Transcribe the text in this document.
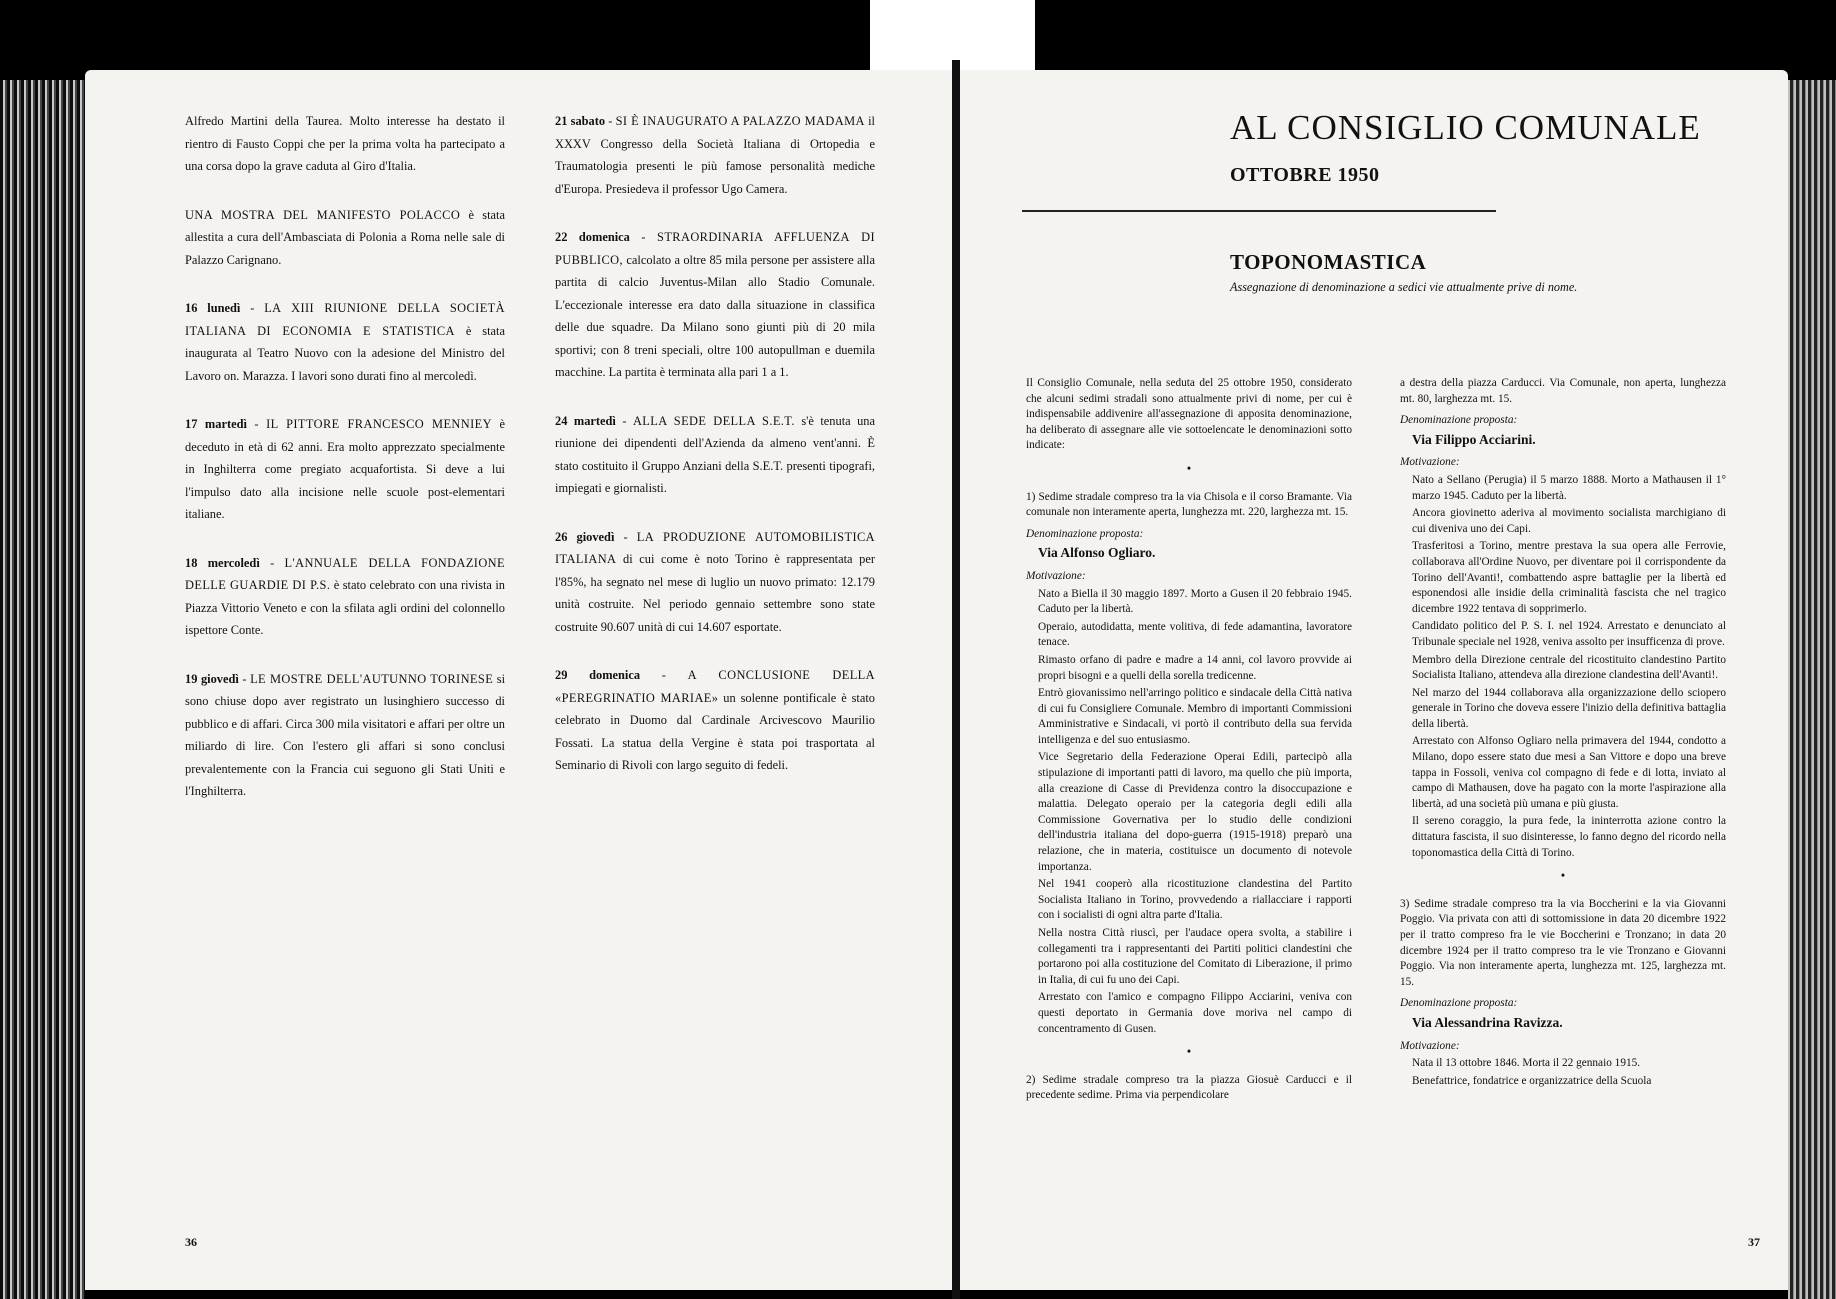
Alfredo Martini della Taurea. Molto interesse ha destato il rientro di Fausto Coppi che per la prima volta ha partecipato a una corsa dopo la grave caduta al Giro d'Italia.

UNA MOSTRA DEL MANIFESTO POLACCO è stata allestita a cura dell'Ambasciata di Polonia a Roma nelle sale di Palazzo Carignano.

16 lunedì - LA XIII RIUNIONE DELLA SOCIETÀ ITALIANA DI ECONOMIA E STATISTICA è stata inaugurata al Teatro Nuovo con la adesione del Ministro del Lavoro on. Marazza. I lavori sono durati fino al mercoledì.

17 martedì - IL PITTORE FRANCESCO MENNIEY è deceduto in età di 62 anni. Era molto apprezzato specialmente in Inghilterra come pregiato acquafortista. Si deve a lui l'impulso dato alla incisione nelle scuole post-elementari italiane.

18 mercoledì - L'ANNUALE DELLA FONDAZIONE DELLE GUARDIE DI P.S. è stato celebrato con una rivista in Piazza Vittorio Veneto e con la sfilata agli ordini del colonnello ispettore Conte.

19 giovedì - LE MOSTRE DELL'AUTUNNO TORINESE si sono chiuse dopo aver registrato un lusinghiero successo di pubblico e di affari. Circa 300 mila visitatori e affari per oltre un miliardo di lire. Con l'estero gli affari si sono conclusi prevalentemente con la Francia cui seguono gli Stati Uniti e l'Inghilterra.

21 sabato - SI È INAUGURATO A PALAZZO MADAMA il XXXV Congresso della Società Italiana di Ortopedia e Traumatologia presenti le più famose personalità mediche d'Europa. Presiedeva il professor Ugo Camera.

22 domenica - STRAORDINARIA AFFLUENZA DI PUBBLICO, calcolato a oltre 85 mila persone per assistere alla partita di calcio Juventus-Milan allo Stadio Comunale. L'eccezionale interesse era dato dalla situazione in classifica delle due squadre. Da Milano sono giunti più di 20 mila sportivi; con 8 treni speciali, oltre 100 autopullman e duemila macchine. La partita è terminata alla pari 1 a 1.

24 martedì - ALLA SEDE DELLA S.E.T. s'è tenuta una riunione dei dipendenti dell'Azienda da almeno vent'anni. È stato costituito il Gruppo Anziani della S.E.T. presenti tipografi, impiegati e giornalisti.

26 giovedì - LA PRODUZIONE AUTOMOBILISTICA ITALIANA di cui come è noto Torino è rappresentata per l'85%, ha segnato nel mese di luglio un nuovo primato: 12.179 unità costruite. Nel periodo gennaio settembre sono state costruite 90.607 unità di cui 14.607 esportate.

29 domenica - A CONCLUSIONE DELLA «PEREGRINATIO MARIAE» un solenne pontificale è stato celebrato in Duomo dal Cardinale Arcivescovo Maurilio Fossati. La statua della Vergine è stata poi trasportata al Seminario di Rivoli con largo seguito di fedeli.

36
AL CONSIGLIO COMUNALE
OTTOBRE 1950
TOPONOMASTICA
Assegnazione di denominazione a sedici vie attualmente prive di nome.

Il Consiglio Comunale, nella seduta del 25 ottobre 1950, considerato che alcuni sedimi stradali sono attualmente privi di nome, per cui è indispensabile addivenire all'assegnazione di apposita denominazione, ha deliberato di assegnare alle vie sottoelencate le denominazioni sotto indicate:

•

1) Sedime stradale compreso tra la via Chisola e il corso Bramante. Via comunale non interamente aperta, lunghezza mt. 220, larghezza mt. 15.

Denominazione proposta:
Via Alfonso Ogliaro.
Motivazione:

Nato a Biella il 30 maggio 1897. Morto a Gusen il 20 febbraio 1945. Caduto per la libertà.

Operaio, autodidatta, mente volitiva, di fede adamantina, lavoratore tenace.

Rimasto orfano di padre e madre a 14 anni, col lavoro provvide ai propri bisogni e a quelli della sorella tredicenne.

Entrò giovanissimo nell'arringo politico e sindacale della Città nativa di cui fu Consigliere Comunale. Membro di importanti Commissioni Amministrative e Sindacali, vi portò il contributo della sua fervida intelligenza e del suo entusiasmo.

Vice Segretario della Federazione Operai Edili, partecipò alla stipulazione di importanti patti di lavoro, ma quello che più importa, alla creazione di Casse di Previdenza contro la disoccupazione e malattia. Delegato operaio per la categoria degli edili alla Commissione Governativa per lo studio delle condizioni dell'industria italiana del dopo-guerra (1915-1918) preparò una relazione, che in materia, costituisce un documento di notevole importanza.

Nel 1941 cooperò alla ricostituzione clandestina del Partito Socialista Italiano in Torino, provvedendo a riallacciare i rapporti con i socialisti di ogni altra parte d'Italia.

Nella nostra Città riuscì, per l'audace opera svolta, a stabilire i collegamenti tra i rappresentanti dei Partiti politici clandestini che portarono poi alla costituzione del Comitato di Liberazione, il primo in Italia, di cui fu uno dei Capi.

Arrestato con l'amico e compagno Filippo Acciarini, veniva con questi deportato in Germania dove moriva nel campo di concentramento di Gusen.

•

2) Sedime stradale compreso tra la piazza Giosuè Carducci e il precedente sedime. Prima via perpendicolare

a destra della piazza Carducci. Via Comunale, non aperta, lunghezza mt. 80, larghezza mt. 15.

Denominazione proposta:
Via Filippo Acciarini.
Motivazione:

Nato a Sellano (Perugia) il 5 marzo 1888. Morto a Mathausen il 1° marzo 1945. Caduto per la libertà.

Ancora giovinetto aderiva al movimento socialista marchigiano di cui diveniva uno dei Capi.

Trasferitosi a Torino, mentre prestava la sua opera alle Ferrovie, collaborava all'Ordine Nuovo, per diventare poi il corrispondente da Torino dell'Avanti!, combattendo aspre battaglie per la libertà ed esponendosi alle insidie della criminalità fascista che nel tragico dicembre 1922 tentava di sopprimerlo.

Candidato politico del P. S. I. nel 1924. Arrestato e denunciato al Tribunale speciale nel 1928, veniva assolto per insufficenza di prove.

Membro della Direzione centrale del ricostituito clandestino Partito Socialista Italiano, attendeva alla direzione clandestina dell'Avanti!.

Nel marzo del 1944 collaborava alla organizzazione dello sciopero generale in Torino che doveva essere l'inizio della definitiva battaglia della libertà.

Arrestato con Alfonso Ogliaro nella primavera del 1944, condotto a Milano, dopo essere stato due mesi a San Vittore e dopo una breve tappa in Fossoli, veniva col compagno di fede e di lotta, inviato al campo di Mathausen, dove ha pagato con la morte l'aspirazione alla libertà, ad una società più umana e più giusta.

Il sereno coraggio, la pura fede, la ininterrotta azione contro la dittatura fascista, il suo disinteresse, lo fanno degno del ricordo nella toponomastica della Città di Torino.

•

3) Sedime stradale compreso tra la via Boccherini e la via Giovanni Poggio. Via privata con atti di sottomissione in data 20 dicembre 1922 per il tratto compreso fra le vie Boccherini e Tronzano; in data 20 dicembre 1924 per il tratto compreso tra le vie Tronzano e Giovanni Poggio. Via non interamente aperta, lunghezza mt. 125, larghezza mt. 15.

Denominazione proposta:
Via Alessandrina Ravizza.
Motivazione:

Nata il 13 ottobre 1846. Morta il 22 gennaio 1915.

Benefattrice, fondatrice e organizzatrice della Scuola

37
